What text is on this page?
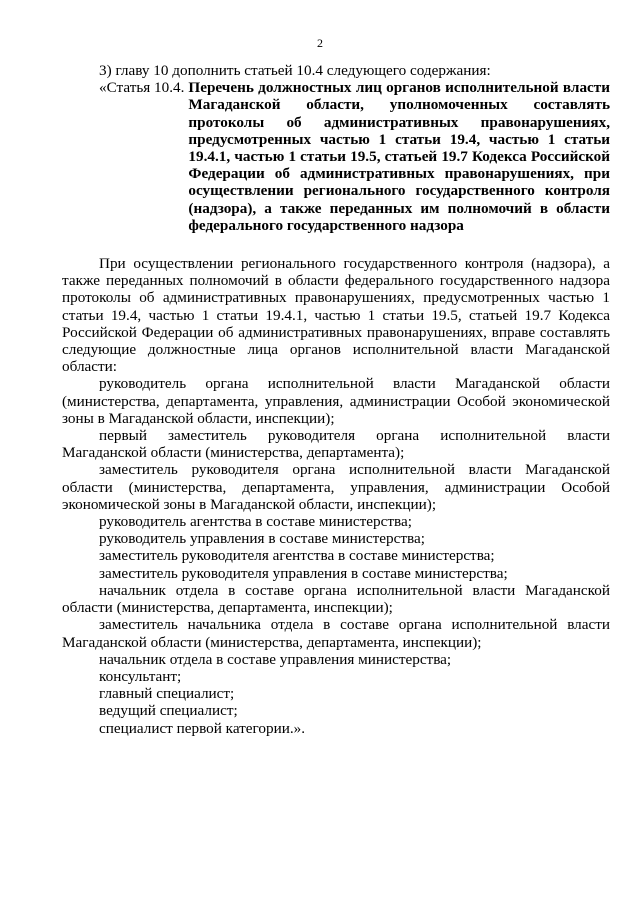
2

3) главу 10 дополнить статьей 10.4 следующего содержания:

«Статья 10.4. Перечень должностных лиц органов исполнительной власти Магаданской области, уполномоченных составлять протоколы об административных правонарушениях, предусмотренных частью 1 статьи 19.4, частью 1 статьи 19.4.1, частью 1 статьи 19.5, статьей 19.7 Кодекса Российской Федерации об административных правонарушениях, при осуществлении регионального государственного контроля (надзора), а также переданных им полномочий в области федерального государственного надзора

При осуществлении регионального государственного контроля (надзора), а также переданных полномочий в области федерального государственного надзора протоколы об административных правонарушениях, предусмотренных частью 1 статьи 19.4, частью 1 статьи 19.4.1, частью 1 статьи 19.5, статьей 19.7 Кодекса Российской Федерации об административных правонарушениях, вправе составлять следующие должностные лица органов исполнительной власти Магаданской области:

руководитель органа исполнительной власти Магаданской области (министерства, департамента, управления, администрации Особой экономической зоны в Магаданской области, инспекции);

первый заместитель руководителя органа исполнительной власти Магаданской области (министерства, департамента);

заместитель руководителя органа исполнительной власти Магаданской области (министерства, департамента, управления, администрации Особой экономической зоны в Магаданской области, инспекции);

руководитель агентства в составе министерства;

руководитель управления в составе министерства;

заместитель руководителя агентства в составе министерства;

заместитель руководителя управления в составе министерства;

начальник отдела в составе органа исполнительной власти Магаданской области (министерства, департамента, инспекции);

заместитель начальника отдела в составе органа исполнительной власти Магаданской области (министерства, департамента, инспекции);

начальник отдела в составе управления министерства;

консультант;

главный специалист;

ведущий специалист;

специалист первой категории.».
